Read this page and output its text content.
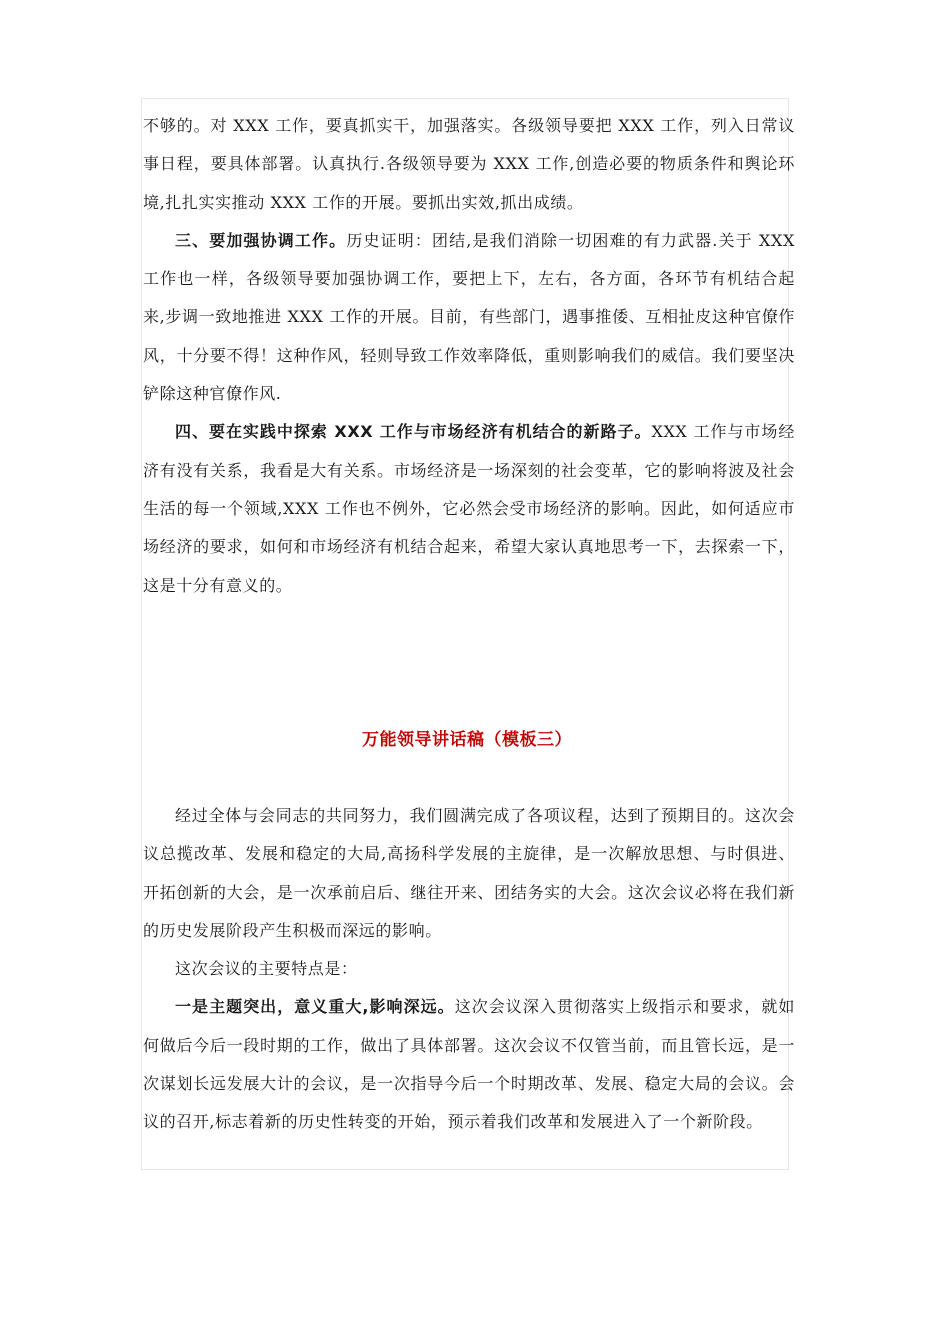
不够的。对 XXX 工作，要真抓实干，加强落实。各级领导要把 XXX 工作，列入日常议事日程，要具体部署。认真执行.各级领导要为 XXX 工作,创造必要的物质条件和舆论环境,扎扎实实推动 XXX 工作的开展。要抓出实效,抓出成绩。

三、要加强协调工作。历史证明：团结,是我们消除一切困难的有力武器.关于 XXX 工作也一样，各级领导要加强协调工作，要把上下，左右，各方面，各环节有机结合起来,步调一致地推进 XXX 工作的开展。目前，有些部门，遇事推倭、互相扯皮这种官僚作风，十分要不得！这种作风，轻则导致工作效率降低，重则影响我们的威信。我们要坚决铲除这种官僚作风.

四、要在实践中探索 XXX 工作与市场经济有机结合的新路子。XXX 工作与市场经济有没有关系，我看是大有关系。市场经济是一场深刻的社会变革，它的影响将波及社会生活的每一个领域,XXX 工作也不例外，它必然会受市场经济的影响。因此，如何适应市场经济的要求，如何和市场经济有机结合起来，希望大家认真地思考一下，去探索一下，这是十分有意义的。

万能领导讲话稿（模板三）

经过全体与会同志的共同努力，我们圆满完成了各项议程，达到了预期目的。这次会议总揽改革、发展和稳定的大局,高扬科学发展的主旋律，是一次解放思想、与时俱进、开拓创新的大会，是一次承前启后、继往开来、团结务实的大会。这次会议必将在我们新的历史发展阶段产生积极而深远的影响。

这次会议的主要特点是：

一是主题突出，意义重大,影响深远。这次会议深入贯彻落实上级指示和要求，就如何做后今后一段时期的工作，做出了具体部署。这次会议不仅管当前，而且管长远，是一次谋划长远发展大计的会议，是一次指导今后一个时期改革、发展、稳定大局的会议。会议的召开,标志着新的历史性转变的开始，预示着我们改革和发展进入了一个新阶段。
